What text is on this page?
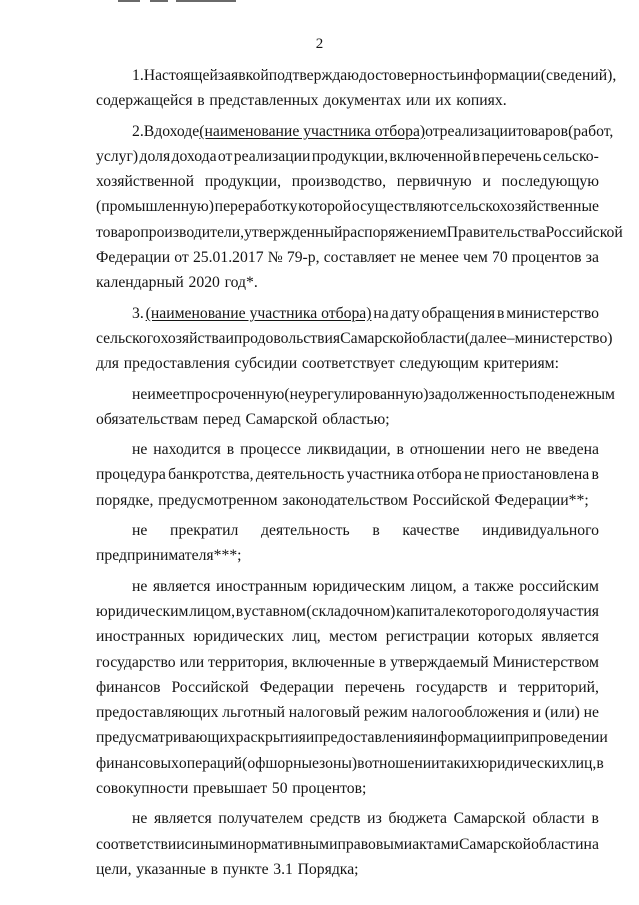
2
1. Настоящей заявкой подтверждаю достоверность информации (сведений),
содержащейся в представленных документах или их копиях.
2. В доходе (наименование участника отбора) от реализации товаров (работ,
услуг) доля дохода от реализации продукции, включенной в перечень сельско-
хозяйственной продукции, производство, первичную и последующую
(промышленную) переработку которой осуществляют сельскохозяйственные
товаропроизводители, утвержденный распоряжением Правительства Российской
Федерации от 25.01.2017 № 79-р, составляет не менее чем 70 процентов за
календарный 2020 год*.
3. (наименование участника отбора) на дату обращения в министерство
сельского хозяйства и продовольствия Самарской области (далее – министерство)
для предоставления субсидии соответствует следующим критериям:
не имеет просроченную (неурегулированную) задолженность по денежным
обязательствам перед Самарской областью;
не находится в процессе ликвидации, в отношении него не введена
процедура банкротства, деятельность участника отбора не приостановлена в
порядке, предусмотренном законодательством Российской Федерации**;
не прекратил деятельность в качестве индивидуального
предпринимателя***;
не является иностранным юридическим лицом, а также российским
юридическим лицом, в уставном (складочном) капитале которого доля участия
иностранных юридических лиц, местом регистрации которых является
государство или территория, включенные в утверждаемый Министерством
финансов Российской Федерации перечень государств и территорий,
предоставляющих льготный налоговый режим налогообложения и (или) не
предусматривающих раскрытия и предоставления информации при проведении
финансовых операций (офшорные зоны) в отношении таких юридических лиц, в
совокупности превышает 50 процентов;
не является получателем средств из бюджета Самарской области в
соответствии с иными нормативными правовыми актами Самарской области на
цели, указанные в пункте 3.1 Порядка;
